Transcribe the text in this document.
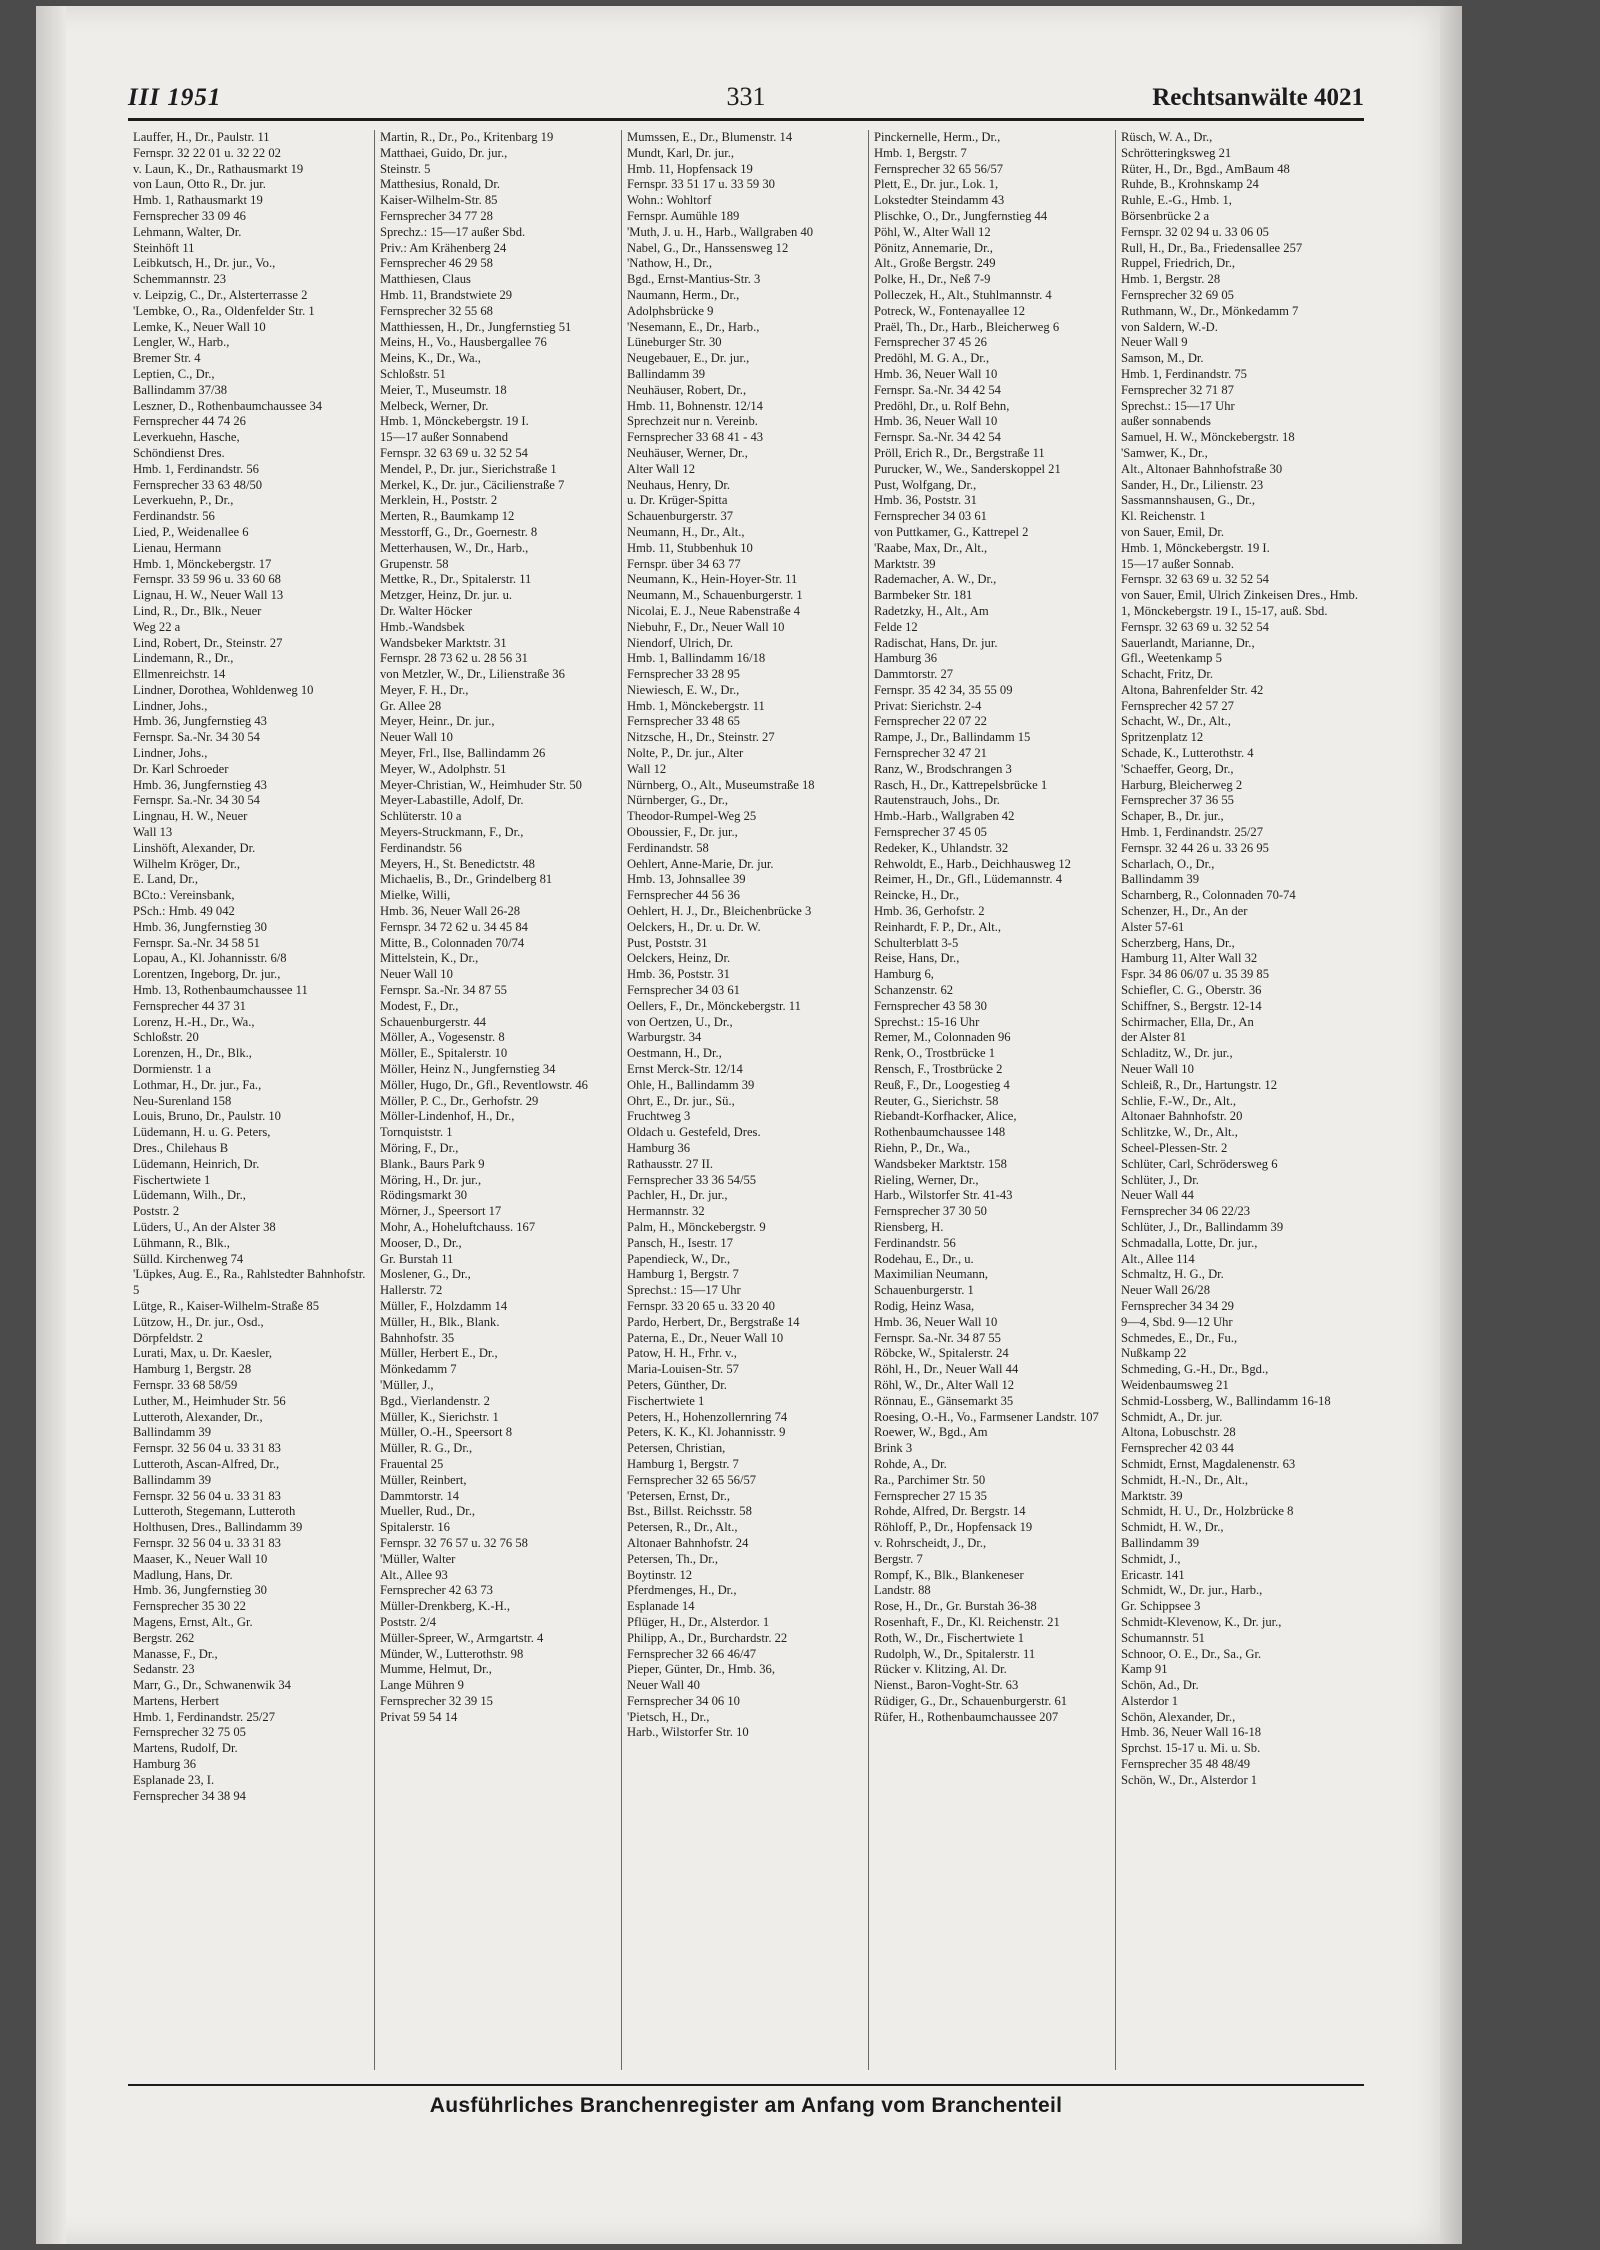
III 1951	331	Rechtsanwälte 4021
Lauffer, H., Dr., Paulstr. 11
Fernspr. 32 22 01 u. 32 22 02
v. Laun, K., Dr., Rathausmarkt 19
von Laun, Otto R., Dr. jur.
Hmb. 1, Rathausmarkt 19
Fernsprecher 33 09 46
Lehmann, Walter, Dr.
Steinhöft 11
Leibkutsch, H., Dr. jur., Vo.,
Schemmannstr. 23
v. Leipzig, C., Dr., Alsterterrasse 2
'Lembke, O., Ra., Oldenfelder Str. 1
Lemke, K., Neuer Wall 10
Lengler, W., Harb.,
Bremer Str. 4
Leptien, C., Dr.,
Ballindamm 37/38
Leszner, D., Rothenbaumchaussee 34
Fernsprecher 44 74 26
Leverkuehn, Hasche,
Schöndienst Dres.
Hmb. 1, Ferdinandstr. 56
Fernsprecher 33 63 48/50
Leverkuehn, P., Dr.,
Ferdinandstr. 56
Lied, P., Weidenallee 6
Lienau, Hermann
Hmb. 1, Mönckebergstr. 17
Fernspr. 33 59 96 u. 33 60 68
Lignau, H. W., Neuer Wall 13
Lind, R., Dr., Blk., Neuer
Weg 22 a
Lind, Robert, Dr., Steinstr. 27
Lindemann, R., Dr.,
Ellmenreichstr. 14
Lindner, Dorothea, Wohldenweg 10
Lindner, Johs.,
Hmb. 36, Jungfernstieg 43
Fernspr. Sa.-Nr. 34 30 54
Lindner, Johs.,
Dr. Karl Schroeder
Hmb. 36, Jungfernstieg 43
Fernspr. Sa.-Nr. 34 30 54
Lingnau, H. W., Neuer
Wall 13
Linshöft, Alexander, Dr.
Wilhelm Kröger, Dr.,
E. Land, Dr.,
BCto.: Vereinsbank,
PSch.: Hmb. 49 042
Hmb. 36, Jungfernstieg 30
Fernspr. Sa.-Nr. 34 58 51
Lopau, A., Kl. Johannisstr. 6/8
Lorentzen, Ingeborg, Dr. jur.,
Hmb. 13, Rothenbaumchaussee 11
Fernsprecher 44 37 31
Lorenz, H.-H., Dr., Wa.,
Schloßstr. 20
Lorenzen, H., Dr., Blk.,
Dormienstr. 1 a
Lothmar, H., Dr. jur., Fa.,
Neu-Surenland 158
Louis, Bruno, Dr., Paulstr. 10
Lüdemann, H. u. G. Peters,
Dres., Chilehaus B
Lüdemann, Heinrich, Dr.
Fischertwiete 1
Lüdemann, Wilh., Dr.,
Poststr. 2
Lüders, U., An der Alster 38
Lühmann, R., Blk.,
Sülld. Kirchenweg 74
'Lüpkes, Aug. E., Ra., Rahlstedter Bahnhofstr. 5
Lütge, R., Kaiser-Wilhelm-Straße 85
Lützow, H., Dr. jur., Osd.,
Dörpfeldstr. 2
Lurati, Max, u. Dr. Kaesler,
Hamburg 1, Bergstr. 28
Fernspr. 33 68 58/59
Luther, M., Heimhuder Str. 56
Lutteroth, Alexander, Dr.,
Ballindamm 39
Fernspr. 32 56 04 u. 33 31 83
Lutteroth, Ascan-Alfred, Dr.,
Ballindamm 39
Fernspr. 32 56 04 u. 33 31 83
Lutteroth, Stegemann, Lutteroth
Holthusen, Dres., Ballindamm 39
Fernspr. 32 56 04 u. 33 31 83
Maaser, K., Neuer Wall 10
Madlung, Hans, Dr.
Hmb. 36, Jungfernstieg 30
Fernsprecher 35 30 22
Magens, Ernst, Alt., Gr.
Bergstr. 262
Manasse, F., Dr.,
Sedanstr. 23
Marr, G., Dr., Schwanenwik 34
Martens, Herbert
Hmb. 1, Ferdinandstr. 25/27
Fernsprecher 32 75 05
Martens, Rudolf, Dr.
Hamburg 36
Esplanade 23, I.
Fernsprecher 34 38 94
Martin, R., Dr., Po., Kritenbarg 19
Matthaei, Guido, Dr. jur.,
Steinstr. 5
Matthesius, Ronald, Dr.
Kaiser-Wilhelm-Str. 85
Fernsprecher 34 77 28
Sprechz.: 15—17 außer Sbd.
Priv.: Am Krähenberg 24
Fernsprecher 46 29 58
Matthiesen, Claus
Hmb. 11, Brandstwiete 29
Fernsprecher 32 55 68
Matthiessen, H., Dr., Jungfernstieg 51
Meins, H., Vo., Hausbergallee 76
Meins, K., Dr., Wa.,
Schloßstr. 51
Meier, T., Museumstr. 18
Melbeck, Werner, Dr.
Hmb. 1, Mönckebergstr. 19 I.
15—17 außer Sonnabend
Fernspr. 32 63 69 u. 32 52 54
Mendel, P., Dr. jur., Sierichstraße 1
Merkel, K., Dr. jur., Cäcilienstraße 7
Merklein, H., Poststr. 2
Merten, R., Baumkamp 12
Messtorff, G., Dr., Goernestr. 8
Metterhausen, W., Dr., Harb.,
Grupenstr. 58
Mettke, R., Dr., Spitalerstr. 11
Metzger, Heinz, Dr. jur. u.
Dr. Walter Höcker
Hmb.-Wandsbek
Wandsbeker Marktstr. 31
Fernspr. 28 73 62 u. 28 56 31
von Metzler, W., Dr., Lilienstraße 36
Meyer, F. H., Dr.,
Gr. Allee 28
Meyer, Heinr., Dr. jur.,
Neuer Wall 10
Meyer, Frl., Ilse, Ballindamm 26
Meyer, W., Adolphstr. 51
Meyer-Christian, W., Heimhuder Str. 50
Meyer-Labastille, Adolf, Dr.
Schlüterstr. 10 a
Meyers-Struckmann, F., Dr.,
Ferdinandstr. 56
Meyers, H., St. Benedictstr. 48
Michaelis, B., Dr., Grindelberg 81
Mielke, Willi,
Hmb. 36, Neuer Wall 26-28
Fernspr. 34 72 62 u. 34 45 84
Mitte, B., Colonnaden 70/74
Mittelstein, K., Dr.,
Neuer Wall 10
Fernspr. Sa.-Nr. 34 87 55
Modest, F., Dr.,
Schauenburgerstr. 44
Möller, A., Vogesenstr. 8
Möller, E., Spitalerstr. 10
Möller, Heinz N., Jungfernstieg 34
Möller, Hugo, Dr., Gfl., Reventlowstr. 46
Möller, P. C., Dr., Gerhofstr. 29
Möller-Lindenhof, H., Dr.,
Tornquiststr. 1
Möring, F., Dr.,
Blank., Baurs Park 9
Möring, H., Dr. jur.,
Rödingsmarkt 30
Mörner, J., Speersort 17
Mohr, A., Hoheluftchauss. 167
Mooser, D., Dr.,
Gr. Burstah 11
Moslener, G., Dr.,
Hallerstr. 72
Müller, F., Holzdamm 14
Müller, H., Blk., Blank.
Bahnhofstr. 35
Müller, Herbert E., Dr.,
Mönkedamm 7
'Müller, J.,
Bgd., Vierlandenstr. 2
Müller, K., Sierichstr. 1
Müller, O.-H., Speersort 8
Müller, R. G., Dr.,
Frauental 25
Müller, Reinbert,
Dammtorstr. 14
Mueller, Rud., Dr.,
Spitalerstr. 16
Fernspr. 32 76 57 u. 32 76 58
'Müller, Walter
Alt., Allee 93
Fernsprecher 42 63 73
Müller-Drenkberg, K.-H.,
Poststr. 2/4
Müller-Spreer, W., Armgartstr. 4
Münder, W., Lutterothstr. 98
Mumme, Helmut, Dr.,
Lange Mühren 9
Fernsprecher 32 39 15
Privat 59 54 14
Mumssen, E., Dr., Blumenstr. 14
Mundt, Karl, Dr. jur.,
Hmb. 11, Hopfensack 19
Fernspr. 33 51 17 u. 33 59 30
Wohn.: Wohltorf
Fernspr. Aumühle 189
'Muth, J. u. H., Harb., Wallgraben 40
Nabel, G., Dr., Hanssensweg 12
'Nathow, H., Dr.,
Bgd., Ernst-Mantius-Str. 3
Naumann, Herm., Dr.,
Adolphsbrücke 9
'Nesemann, E., Dr., Harb.,
Lüneburger Str. 30
Neugebauer, E., Dr. jur.,
Ballindamm 39
Neuhäuser, Robert, Dr.,
Hmb. 11, Bohnenstr. 12/14
Sprechzeit nur n. Vereinb.
Fernsprecher 33 68 41 - 43
Neuhäuser, Werner, Dr.,
Alter Wall 12
Neuhaus, Henry, Dr.
u. Dr. Krüger-Spitta
Schauenburgerstr. 37
Neumann, H., Dr., Alt.,
Hmb. 11, Stubbenhuk 10
Fernspr. über 34 63 77
Neumann, K., Hein-Hoyer-Str. 11
Neumann, M., Schauenburgerstr. 1
Nicolai, E. J., Neue Rabenstraße 4
Niebuhr, F., Dr., Neuer Wall 10
Niendorf, Ulrich, Dr.
Hmb. 1, Ballindamm 16/18
Fernsprecher 33 28 95
Niewiesch, E. W., Dr.,
Hmb. 1, Mönckebergstr. 11
Fernsprecher 33 48 65
Nitzsche, H., Dr., Steinstr. 27
Nolte, P., Dr. jur., Alter
Wall 12
Nürnberg, O., Alt., Museumstraße 18
Nürnberger, G., Dr.,
Theodor-Rumpel-Weg 25
Oboussier, F., Dr. jur.,
Ferdinandstr. 58
Oehlert, Anne-Marie, Dr. jur.
Hmb. 13, Johnsallee 39
Fernsprecher 44 56 36
Oehlert, H. J., Dr., Bleichenbrücke 3
Oelckers, H., Dr. u. Dr. W.
Pust, Poststr. 31
Oelckers, Heinz, Dr.
Hmb. 36, Poststr. 31
Fernsprecher 34 03 61
Oellers, F., Dr., Mönckebergstr. 11
von Oertzen, U., Dr.,
Warburgstr. 34
Oestmann, H., Dr.,
Ernst Merck-Str. 12/14
Ohle, H., Ballindamm 39
Ohrt, E., Dr. jur., Sü.,
Fruchtweg 3
Oldach u. Gestefeld, Dres.
Hamburg 36
Rathausstr. 27 II.
Fernsprecher 33 36 54/55
Pachler, H., Dr. jur.,
Hermannstr. 32
Palm, H., Mönckebergstr. 9
Pansch, H., Isestr. 17
Papendieck, W., Dr.,
Hamburg 1, Bergstr. 7
Sprechst.: 15—17 Uhr
Fernspr. 33 20 65 u. 33 20 40
Pardo, Herbert, Dr., Bergstraße 14
Paterna, E., Dr., Neuer Wall 10
Patow, H. H., Frhr. v.,
Maria-Louisen-Str. 57
Peters, Günther, Dr.
Fischertwiete 1
Peters, H., Hohenzollernring 74
Peters, K. K., Kl. Johannisstr. 9
Petersen, Christian,
Hamburg 1, Bergstr. 7
Fernsprecher 32 65 56/57
'Petersen, Ernst, Dr.,
Bst., Billst. Reichsstr. 58
Petersen, R., Dr., Alt.,
Altonaer Bahnhofstr. 24
Petersen, Th., Dr.,
Boytinstr. 12
Pferdmenges, H., Dr.,
Esplanade 14
Pflüger, H., Dr., Alsterdor. 1
Philipp, A., Dr., Burchardstr. 22
Fernsprecher 32 66 46/47
Pieper, Günter, Dr., Hmb. 36,
Neuer Wall 40
Fernsprecher 34 06 10
'Pietsch, H., Dr.,
Harb., Wilstorfer Str. 10
Pinckernelle, Herm., Dr.,
Hmb. 1, Bergstr. 7
Fernsprecher 32 65 56/57
Plett, E., Dr. jur., Lok. 1,
Lokstedter Steindamm 43
Plischke, O., Dr., Jungfernstieg 44
Pöhl, W., Alter Wall 12
Pönitz, Annemarie, Dr.,
Alt., Große Bergstr. 249
Polke, H., Dr., Neß 7-9
Polleczek, H., Alt., Stuhlmannstr. 4
Potreck, W., Fontenayallee 12
Praël, Th., Dr., Harb., Bleicherweg 6
Fernsprecher 37 45 26
Predöhl, M. G. A., Dr.,
Hmb. 36, Neuer Wall 10
Fernspr. Sa.-Nr. 34 42 54
Predöhl, Dr., u. Rolf Behn,
Hmb. 36, Neuer Wall 10
Fernspr. Sa.-Nr. 34 42 54
Pröll, Erich R., Dr., Bergstraße 11
Purucker, W., We., Sanderskoppel 21
Pust, Wolfgang, Dr.,
Hmb. 36, Poststr. 31
Fernsprecher 34 03 61
von Puttkamer, G., Kattrepel 2
'Raabe, Max, Dr., Alt.,
Marktstr. 39
Rademacher, A. W., Dr.,
Barmbeker Str. 181
Radetzky, H., Alt., Am
Felde 12
Radischat, Hans, Dr. jur.
Hamburg 36
Dammtorstr. 27
Fernspr. 35 42 34, 35 55 09
Privat: Sierichstr. 2-4
Fernsprecher 22 07 22
Rampe, J., Dr., Ballindamm 15
Fernsprecher 32 47 21
Ranz, W., Brodschrangen 3
Rasch, H., Dr., Kattrepelsbrücke 1
Rautenstrauch, Johs., Dr.
Hmb.-Harb., Wallgraben 42
Fernsprecher 37 45 05
Redeker, K., Uhlandstr. 32
Rehwoldt, E., Harb., Deichhausweg 12
Reimer, H., Dr., Gfl., Lüdemannstr. 4
Reincke, H., Dr.,
Hmb. 36, Gerhofstr. 2
Reinhardt, F. P., Dr., Alt.,
Schulterblatt 3-5
Reise, Hans, Dr.,
Hamburg 6,
Schanzenstr. 62
Fernsprecher 43 58 30
Sprechst.: 15-16 Uhr
Remer, M., Colonnaden 96
Renk, O., Trostbrücke 1
Rensch, F., Trostbrücke 2
Reuß, F., Dr., Loogestieg 4
Reuter, G., Sierichstr. 58
Riebandt-Korfhacker, Alice,
Rothenbaumchaussee 148
Riehn, P., Dr., Wa.,
Wandsbeker Marktstr. 158
Rieling, Werner, Dr.,
Harb., Wilstorfer Str. 41-43
Fernsprecher 37 30 50
Riensberg, H.
Ferdinandstr. 56
Rodehau, E., Dr., u.
Maximilian Neumann,
Schauenburgerstr. 1
Rodig, Heinz Wasa,
Hmb. 36, Neuer Wall 10
Fernspr. Sa.-Nr. 34 87 55
Röbcke, W., Spitalerstr. 24
Röhl, H., Dr., Neuer Wall 44
Röhl, W., Dr., Alter Wall 12
Rönnau, E., Gänsemarkt 35
Roesing, O.-H., Vo., Farmsener Landstr. 107
Roewer, W., Bgd., Am
Brink 3
Rohde, A., Dr.
Ra., Parchimer Str. 50
Fernsprecher 27 15 35
Rohde, Alfred, Dr. Bergstr. 14
Röhloff, P., Dr., Hopfensack 19
v. Rohrscheidt, J., Dr.,
Bergstr. 7
Rompf, K., Blk., Blankeneser
Landstr. 88
Rose, H., Dr., Gr. Burstah 36-38
Rosenhaft, F., Dr., Kl. Reichenstr. 21
Roth, W., Dr., Fischertwiete 1
Rudolph, W., Dr., Spitalerstr. 11
Rücker v. Klitzing, Al. Dr.
Nienst., Baron-Voght-Str. 63
Rüdiger, G., Dr., Schauenburgerstr. 61
Rüfer, H., Rothenbaumchaussee 207
Rüsch, W. A., Dr.,
Schrötteringksweg 21
Rüter, H., Dr., Bgd., AmBaum 48
Ruhde, B., Krohnskamp 24
Ruhle, E.-G., Hmb. 1,
Börsenbrücke 2 a
Fernspr. 32 02 94 u. 33 06 05
Rull, H., Dr., Ba., Friedensallee 257
Ruppel, Friedrich, Dr.,
Hmb. 1, Bergstr. 28
Fernsprecher 32 69 05
Ruthmann, W., Dr., Mönkedamm 7
von Saldern, W.-D.
Neuer Wall 9
Samson, M., Dr.
Hmb. 1, Ferdinandstr. 75
Fernsprecher 32 71 87
Sprechst.: 15—17 Uhr
außer sonnabends
Samuel, H. W., Mönckebergstr. 18
'Samwer, K., Dr.,
Alt., Altonaer Bahnhofstraße 30
Sander, H., Dr., Lilienstr. 23
Sassmannshausen, G., Dr.,
Kl. Reichenstr. 1
von Sauer, Emil, Dr.
Hmb. 1, Mönckebergstr. 19 I.
15—17 außer Sonnab.
Fernspr. 32 63 69 u. 32 52 54
von Sauer, Emil, Ulrich Zinkeisen Dres., Hmb. 1, Mönckebergstr. 19 I., 15-17, auß. Sbd.
Fernspr. 32 63 69 u. 32 52 54
Sauerlandt, Marianne, Dr.,
Gfl., Weetenkamp 5
Schacht, Fritz, Dr.
Altona, Bahrenfelder Str. 42
Fernsprecher 42 57 27
Schacht, W., Dr., Alt.,
Spritzenplatz 12
Schade, K., Lutterothstr. 4
'Schaeffer, Georg, Dr.,
Harburg, Bleicherweg 2
Fernsprecher 37 36 55
Schaper, B., Dr. jur.,
Hmb. 1, Ferdinandstr. 25/27
Fernspr. 32 44 26 u. 33 26 95
Scharlach, O., Dr.,
Ballindamm 39
Scharnberg, R., Colonnaden 70-74
Schenzer, H., Dr., An der
Alster 57-61
Scherzberg, Hans, Dr.,
Hamburg 11, Alter Wall 32
Fspr. 34 86 06/07 u. 35 39 85
Schiefler, C. G., Oberstr. 36
Schiffner, S., Bergstr. 12-14
Schirmacher, Ella, Dr., An
der Alster 81
Schladitz, W., Dr. jur.,
Neuer Wall 10
Schleiß, R., Dr., Hartungstr. 12
Schlie, F.-W., Dr., Alt.,
Altonaer Bahnhofstr. 20
Schlitzke, W., Dr., Alt.,
Scheel-Plessen-Str. 2
Schlüter, Carl, Schrödersweg 6
Schlüter, J., Dr.
Neuer Wall 44
Fernsprecher 34 06 22/23
Schlüter, J., Dr., Ballindamm 39
Schmadalla, Lotte, Dr. jur.,
Alt., Allee 114
Schmaltz, H. G., Dr.
Neuer Wall 26/28
Fernsprecher 34 34 29
9—4, Sbd. 9—12 Uhr
Schmedes, E., Dr., Fu.,
Nußkamp 22
Schmeding, G.-H., Dr., Bgd.,
Weidenbaumsweg 21
Schmid-Lossberg, W., Ballindamm 16-18
Schmidt, A., Dr. jur.
Altona, Lobuschstr. 28
Fernsprecher 42 03 44
Schmidt, Ernst, Magdalenenstr. 63
Schmidt, H.-N., Dr., Alt.,
Marktstr. 39
Schmidt, H. U., Dr., Holzbrücke 8
Schmidt, H. W., Dr.,
Ballindamm 39
Schmidt, J.,
Ericastr. 141
Schmidt, W., Dr. jur., Harb.,
Gr. Schippsee 3
Schmidt-Klevenow, K., Dr. jur.,
Schumannstr. 51
Schnoor, O. E., Dr., Sa., Gr.
Kamp 91
Schön, Ad., Dr.
Alsterdor 1
Schön, Alexander, Dr.,
Hmb. 36, Neuer Wall 16-18
Sprchst. 15-17 u. Mi. u. Sb.
Fernsprecher 35 48 48/49
Schön, W., Dr., Alsterdor 1
Ausführliches Branchenregister am Anfang vom Branchenteil
